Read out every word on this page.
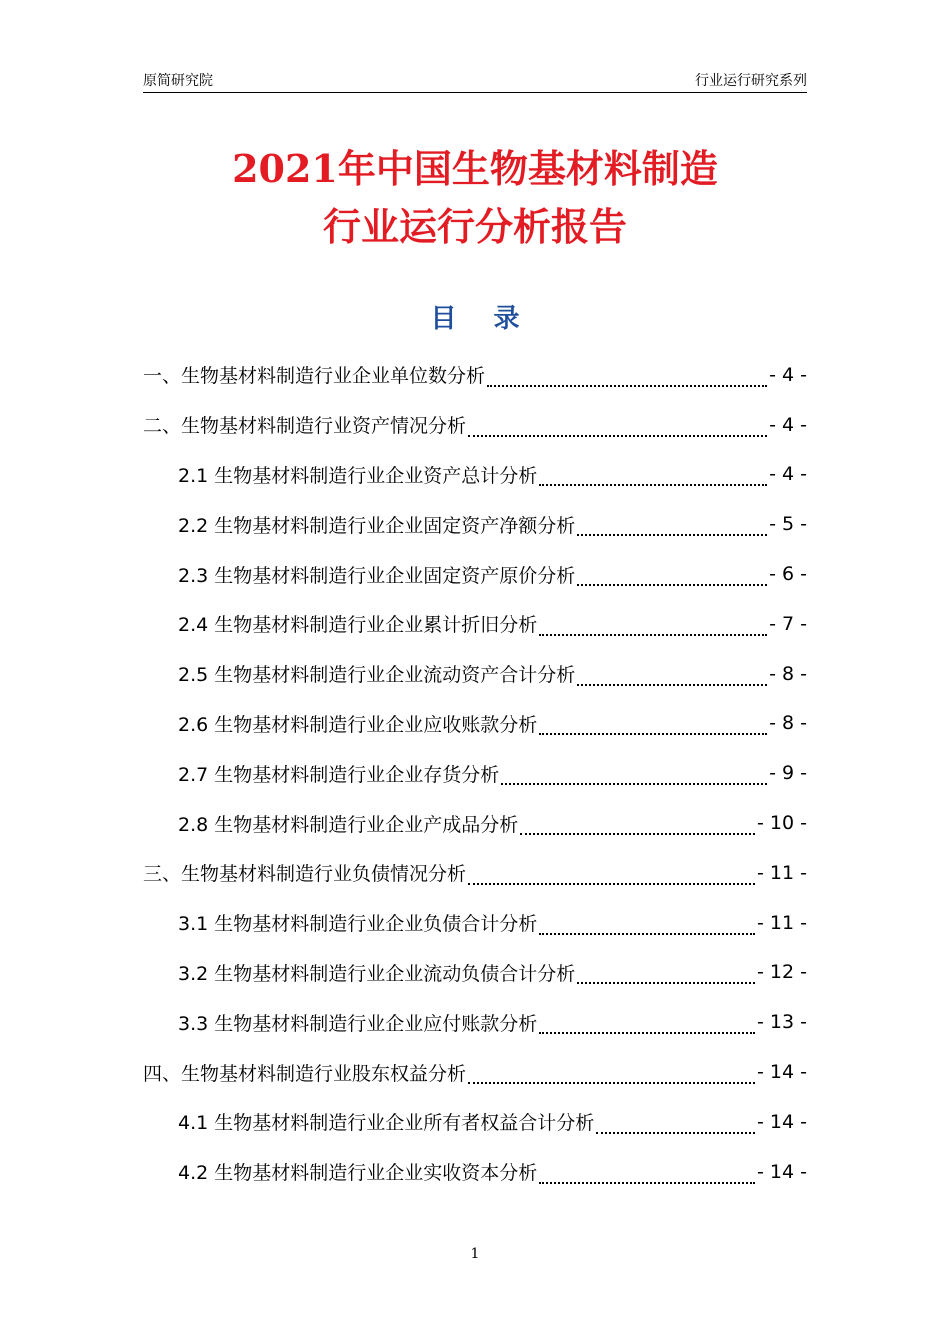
原简研究院	行业运行研究系列
2021年中国生物基材料制造
行业运行分析报告
目 录
一、生物基材料制造行业企业单位数分析	- 4 -
二、生物基材料制造行业资产情况分析	- 4 -
2.1 生物基材料制造行业企业资产总计分析	- 4 -
2.2 生物基材料制造行业企业固定资产净额分析	- 5 -
2.3 生物基材料制造行业企业固定资产原价分析	- 6 -
2.4 生物基材料制造行业企业累计折旧分析	- 7 -
2.5 生物基材料制造行业企业流动资产合计分析	- 8 -
2.6 生物基材料制造行业企业应收账款分析	- 8 -
2.7 生物基材料制造行业企业存货分析	- 9 -
2.8 生物基材料制造行业企业产成品分析	- 10 -
三、生物基材料制造行业负债情况分析	- 11 -
3.1 生物基材料制造行业企业负债合计分析	- 11 -
3.2 生物基材料制造行业企业流动负债合计分析	- 12 -
3.3 生物基材料制造行业企业应付账款分析	- 13 -
四、生物基材料制造行业股东权益分析	- 14 -
4.1 生物基材料制造行业企业所有者权益合计分析	- 14 -
4.2 生物基材料制造行业企业实收资本分析	- 14 -
1
